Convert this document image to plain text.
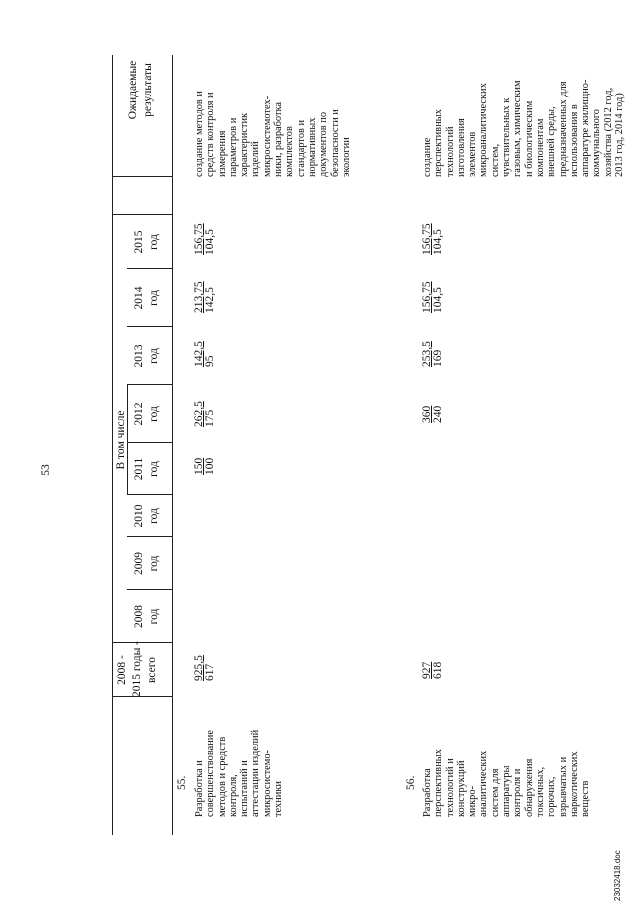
53
2008 - 2015 годы - всего
В том числе
2008 год
2009 год
2010 год
2011 год
2012 год
2013 год
2014 год
2015 год
Ожидаемые результаты
55. Разработка и совершенствование методов и средств контроля, испытаний и аттестации изделий микросистемо- техники
925,5 617
150 100
262,5 175
142,5 95
213,75 142,5
156,75 104,5
создание методов и средств контроля и измерения параметров и характеристик изделий микросистемотех- ники, разработка комплектов стандартов и нормативных документов по безопасности и экологии
56. Разработка перспективных технологий и конструкций микро- аналитических систем для аппаратуры контроля и обнаружения токсичных, горючих, взрывчатых и наркотических веществ
927 618
360 240
253,5 169
156,75 104,5
156,75 104,5
создание перспективных технологий изготовления элементов микроаналитических систем, чувствительных к газовым, химическим и биологическим компонентам внешней среды, предназначенных для использования в аппаратуре жилищно- коммунального хозяйства (2012 год, 2013 год, 2014 год)
23032418.doc
